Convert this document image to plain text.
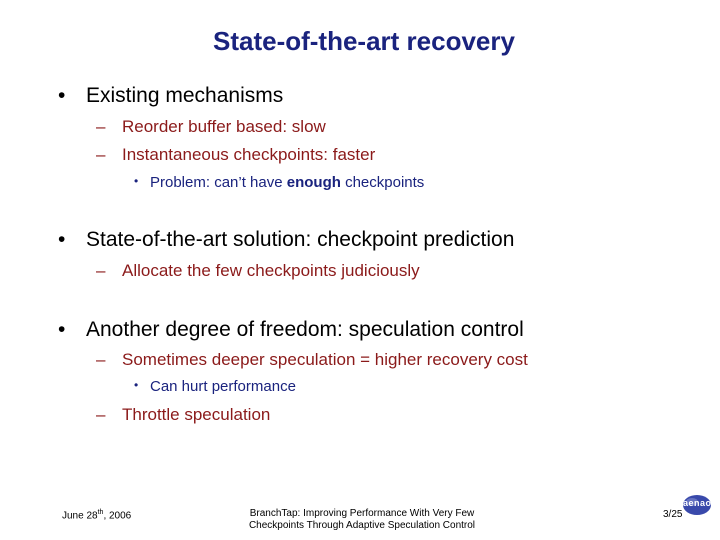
State-of-the-art recovery
• Existing mechanisms
– Reorder buffer based: slow
– Instantaneous checkpoints: faster
• Problem: can’t have enough checkpoints
• State-of-the-art solution: checkpoint prediction
– Allocate the few checkpoints judiciously
• Another degree of freedom: speculation control
– Sometimes deeper speculation = higher recovery cost
• Can hurt performance
– Throttle speculation
June 28th, 2006	BranchTap: Improving Performance With Very Few
Checkpoints Through Adaptive Speculation Control
3/25
aenao
